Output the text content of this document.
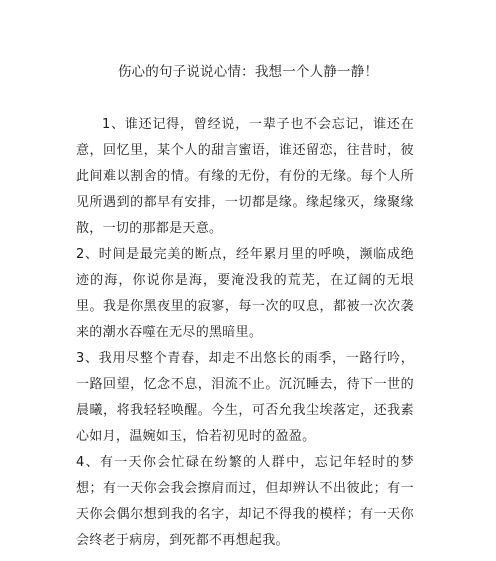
伤心的句子说说心情：我想一个人静一静！

1、谁还记得，曾经说，一辈子也不会忘记，谁还在意，回忆里，某个人的甜言蜜语，谁还留恋，往昔时，彼此间难以割舍的情。有缘的无份，有份的无缘。每个人所见所遇到的都早有安排，一切都是缘。缘起缘灭，缘聚缘散，一切的那都是天意。

2、时间是最完美的断点，经年累月里的呼唤，濒临成绝迹的海，你说你是海，要淹没我的荒芜，在辽阔的无垠里。我是你黑夜里的寂寥，每一次的叹息，都被一次次袭来的潮水吞噬在无尽的黑暗里。

3、我用尽整个青春，却走不出悠长的雨季，一路行吟，一路回望，忆念不息，泪流不止。沉沉睡去，待下一世的晨曦，将我轻轻唤醒。今生，可否允我尘埃落定，还我素心如月，温婉如玉，恰若初见时的盈盈。

4、有一天你会忙碌在纷繁的人群中，忘记年轻时的梦想；有一天你会我会擦肩而过，但却辨认不出彼此；有一天你会偶尔想到我的名字，却记不得我的模样；有一天你会终老于病房，到死都不再想起我。
